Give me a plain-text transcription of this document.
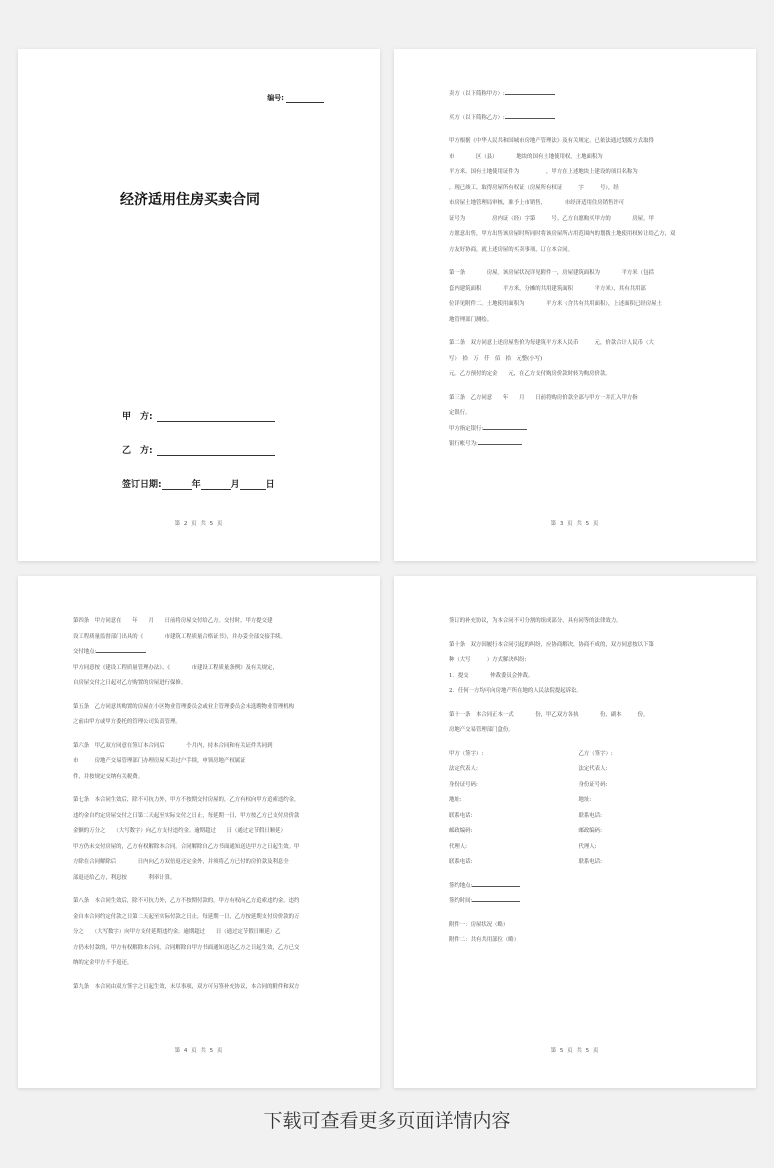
编号:
经济适用住房买卖合同
甲　方:
乙　方:
签订日期:	年	月	日
第 2 页 共 5 页

卖方（以下简称甲方）:

买方（以下简称乙方）:

甲方根据《中华人民共和国城市房地产管理法》及有关规定，已依法通过划拨方式取得

市　　　　区（县）　　　　地块的国有土地使用权，土地面积为

平方米，国有土地使用证件为　　　　　，甲方在上述地块上建设的项目名称为

，现已竣工，取得房屋所有权证（房屋所有权证　　　字　　　号），经

市房屋土地管理局审核，准予上市销售，　　　　市经济适用住房销售许可

证号为　　　　　房内证（经）字第　　　号。乙方自愿购买甲方的　　　　房屋，甲

方愿意出售，甲方出售该房屋时所同时将该房屋所占用范围内的划拨土地使用权转让给乙方，双

方友好协商，就上述房屋的买卖事项，订立本合同。

第一条　　　　房屋。该房屋状况详见附件一，房屋建筑面积为　　　　平方米（包括

套内建筑面积　　　　平方米，分摊的共用建筑面积　　　　平方米），其有共用部

位详见附件二。土地使用面积为　　　　平方米（含共有共用面积），上述面积已经房屋土

地管理部门测绘。

第二条　双方同意上述房屋售价为每建筑平方米人民币　　　元，价款合计人民币（大

写）　拾　万　仟　佰　拾　元整(小写)

元。乙方预付的定金　　元，在乙方支付购房价款时转为购房价款。

第三条　乙方同意　　年　　月　　日前将购房价款全部与甲方一并汇入甲方指

定银行。

甲方指定银行:

银行帐号为:

第 3 页 共 5 页

第四条　甲方同意在　　年　　月　　日前将房屋交付给乙方。交付时，甲方提交建

设工程质量监督部门出具的《　　　　市建筑工程质量合格证书》，并办妥全部交接手续。

交付地点:

甲方同意按《建设工程质量管理办法》、《　　　　市建设工程质量条例》及有关规定，

自房屋交付之日起对乙方购置的房屋进行保修。

第五条　乙方同意其购置的房屋在小区物业管理委员会或业主管理委员会未选聘物业管理机构

之前由甲方或甲方委托的管理公司负责管理。

第六条　甲乙双方同意在签订本合同后　　　　个月内，持本合同和有关证件共同到

市　　　房地产交易管理部门办理房屋买卖过户手续，申领房地产权属证

件，并按规定交纳有关税费。

第七条　本合同生效后，除不可抗力外，甲方不按期交付房屋的，乙方有权向甲方追索违约金，

违约金自约定房屋交付之日第二天起至实际交付之日止，每延期一日，甲方按乙方已支付房价款

金额的万分之　　（大写数字）向乙方支付违约金。逾期超过　　日（通过定节假日顺延）

甲方仍未交付房屋的，乙方有权解除本合同。合同解除自乙方书面通知送达甲方之日起生效。甲

方除在合同解除后　　　　日内向乙方双倍返还定金外，并须将乙方已付的房价款及利息全

部退还给乙方，利息按　　　　利率计算。

第八条　本合同生效后，除不可抗力外，乙方不按期付款的，甲方有权向乙方追索违约金。违约

金自本合同约定付款之日第二天起至实际付款之日止，每延期一日，乙方按延期支付房价款的万

分之　　（大写数字）向甲方支付延期违约金。逾期超过　　日（通过定节假日顺延）乙

方仍未付款的，甲方有权解除本合同，合同解除自甲方书面通知送达乙方之日起生效，乙方已交

纳的定金甲方不予返还。

第九条　本合同由双方签字之日起生效，未尽事项，双方可另签补充协议，本合同的附件和双方

第 4 页 共 5 页

签订的补充协议，为本合同不可分割的组成部分，具有同等的法律效力。

第十条　双方因履行本合同引起的纠纷，应协商解决，协商不成的，双方同意按以下第

种（大写　　　）方式解决纠纷:

1．提交　　　　仲裁委员会仲裁。

2．任何一方均可向房地产所在地的人民法院提起诉讼。

第十一条　本合同正本一式　　　　份，甲乙双方各执　　　　份，副本　　　份，

房地产交易管理部门盒份。

甲方（签字）:	乙方（签字）:
法定代表人:	法定代表人:
身份证号码:	身份证号码:
地址:	地址:
联系电话:	联系电话:
邮政编码:	邮政编码:
代理人:	代理人:
联系电话:	联系电话:

签约地点:

签约时间:

附件一：房屋状况（略）

附件二：共有共用部位（略）

第 5 页 共 5 页
下载可查看更多页面详情内容
